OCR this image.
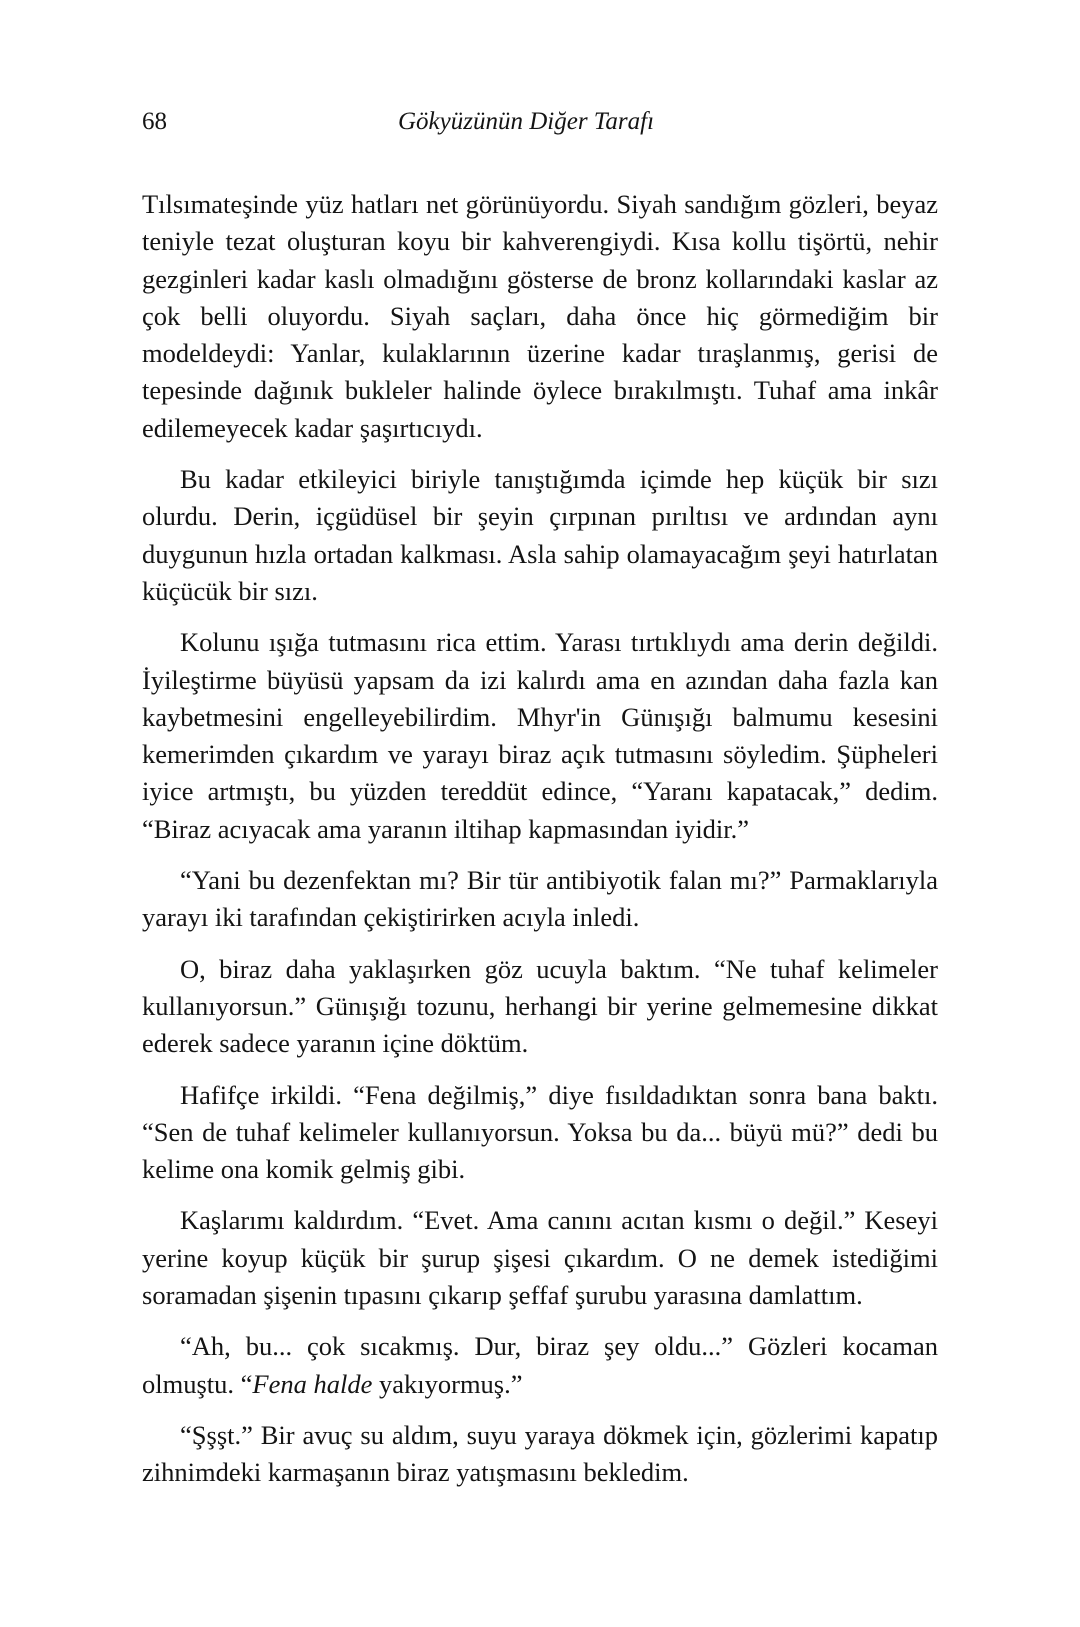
68	Gökyüzünün Diğer Tarafı

Tılsımateşinde yüz hatları net görünüyordu. Siyah sandığım gözleri, beyaz teniyle tezat oluşturan koyu bir kahverengiydi. Kısa kollu tişörtü, nehir gezginleri kadar kaslı olmadığını gösterse de bronz kollarındaki kaslar az çok belli oluyordu. Siyah saçları, daha önce hiç görmediğim bir modeldeydi: Yanlar, kulaklarının üzerine kadar tıraşlanmış, gerisi de tepesinde dağınık bukleler halinde öylece bırakılmıştı. Tuhaf ama inkâr edilemeyecek kadar şaşırtıcıydı.

Bu kadar etkileyici biriyle tanıştığımda içimde hep küçük bir sızı olurdu. Derin, içgüdüsel bir şeyin çırpınan pırıltısı ve ardından aynı duygunun hızla ortadan kalkması. Asla sahip olamayacağım şeyi hatırlatan küçücük bir sızı.

Kolunu ışığa tutmasını rica ettim. Yarası tırtıklıydı ama derin değildi. İyileştirme büyüsü yapsam da izi kalırdı ama en azından daha fazla kan kaybetmesini engelleyebilirdim. Mhyr'in Günışığı balmumu kesesini kemerimden çıkardım ve yarayı biraz açık tutmasını söyledim. Şüpheleri iyice artmıştı, bu yüzden tereddüt edince, “Yaranı kapatacak,” dedim. “Biraz acıyacak ama yaranın iltihap kapmasından iyidir.”

“Yani bu dezenfektan mı? Bir tür antibiyotik falan mı?” Parmaklarıyla yarayı iki tarafından çekiştirirken acıyla inledi.

O, biraz daha yaklaşırken göz ucuyla baktım. “Ne tuhaf kelimeler kullanıyorsun.” Günışığı tozunu, herhangi bir yerine gelmemesine dikkat ederek sadece yaranın içine döktüm.

Hafifçe irkildi. “Fena değilmiş,” diye fısıldadıktan sonra bana baktı. “Sen de tuhaf kelimeler kullanıyorsun. Yoksa bu da... büyü mü?” dedi bu kelime ona komik gelmiş gibi.

Kaşlarımı kaldırdım. “Evet. Ama canını acıtan kısmı o değil.” Keseyi yerine koyup küçük bir şurup şişesi çıkardım. O ne demek istediğimi soramadan şişenin tıpasını çıkarıp şeffaf şurubu yarasına damlattım.

“Ah, bu... çok sıcakmış. Dur, biraz şey oldu...” Gözleri kocaman olmuştu. “Fena halde yakıyormuş.”

“Şşşt.” Bir avuç su aldım, suyu yaraya dökmek için, gözlerimi kapatıp zihnimdeki karmaşanın biraz yatışmasını bekledim.
